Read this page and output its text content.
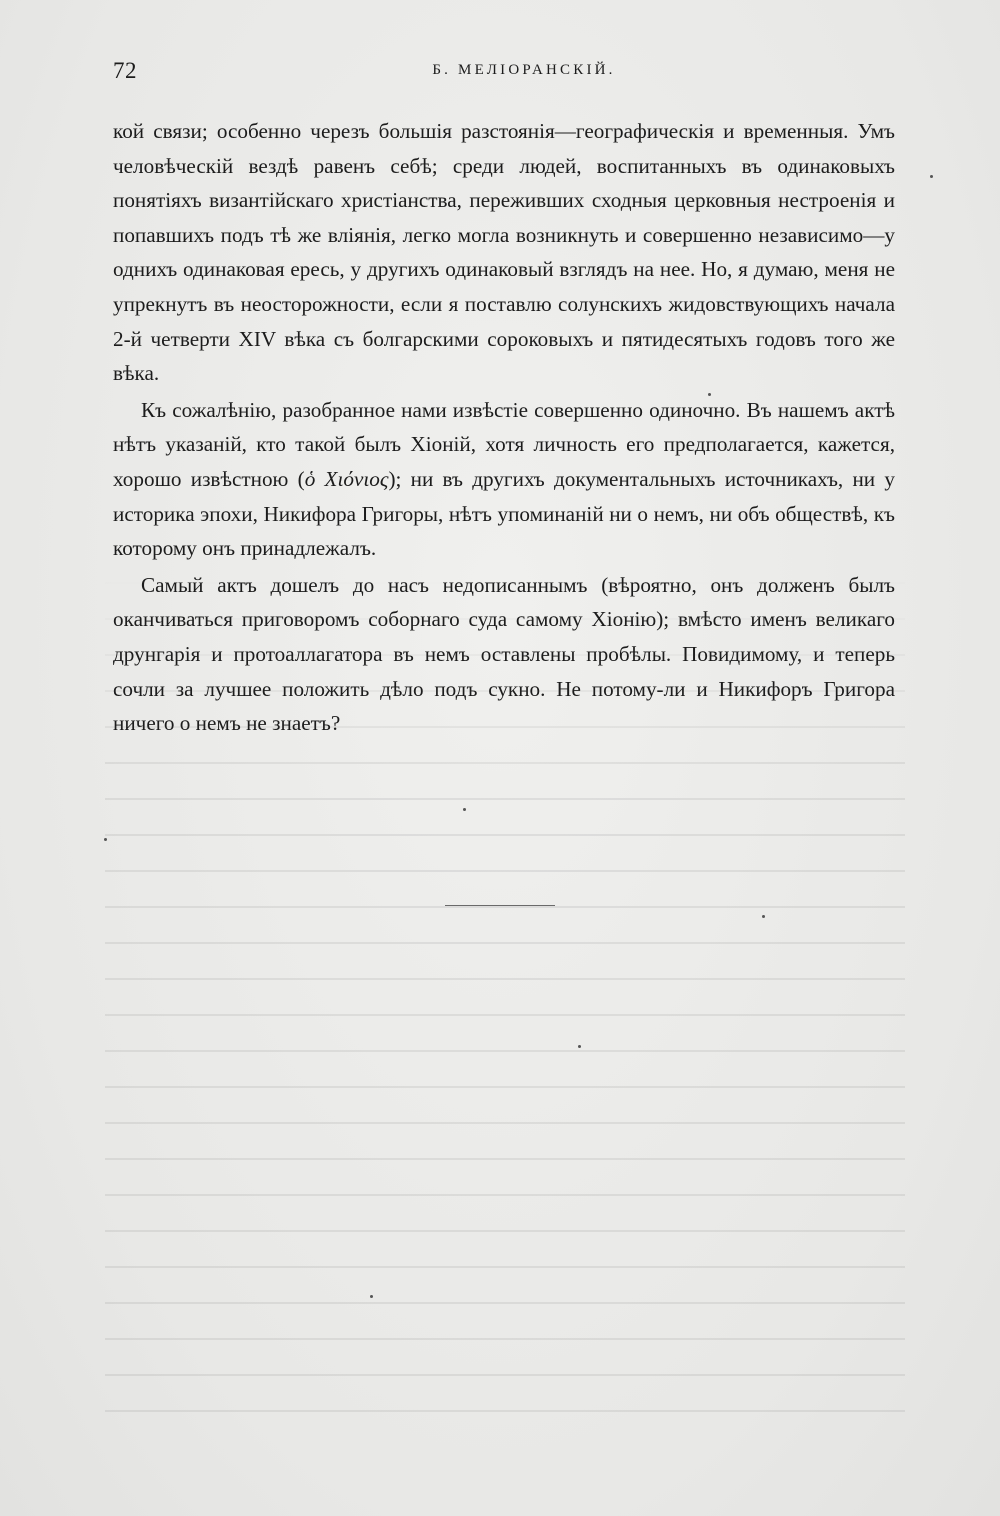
72	Б. МЕЛІОРАНСКІЙ.

кой связи; особенно черезъ большія разстоянія—географическія и временныя. Умъ человѣческій вездѣ равенъ себѣ; среди людей, воспитанныхъ въ одинаковыхъ понятіяхъ византійскаго христіанства, переживших сходныя церковныя нестроенія и попавшихъ подъ тѣ же вліянія, легко могла возникнуть и совершенно независимо—у однихъ одинаковая ересь, у другихъ одинаковый взглядъ на нее. Но, я думаю, меня не упрекнутъ въ неосторожности, если я поставлю солунскихъ жидовствующихъ начала 2-й четверти XIV вѣка съ болгарскими сороковыхъ и пятидесятыхъ годовъ того же вѣка.

Къ сожалѣнію, разобранное нами извѣстіе совершенно одиночно. Въ нашемъ актѣ нѣтъ указаній, кто такой былъ Хіоній, хотя личность его предполагается, кажется, хорошо извѣстною (ὁ Χιόνιος); ни въ другихъ документальныхъ источникахъ, ни у историка эпохи, Никифора Григоры, нѣтъ упоминаній ни о немъ, ни объ обществѣ, къ которому онъ принадлежалъ.

Самый актъ дошелъ до насъ недописаннымъ (вѣроятно, онъ долженъ былъ оканчиваться приговоромъ соборнаго суда самому Хіонію); вмѣсто именъ великаго друнгарія и протоаллагатора въ немъ оставлены пробѣлы. Повидимому, и теперь сочли за лучшее положить дѣло подъ сукно. Не потому-ли и Никифоръ Григора ничего о немъ не знаетъ?
